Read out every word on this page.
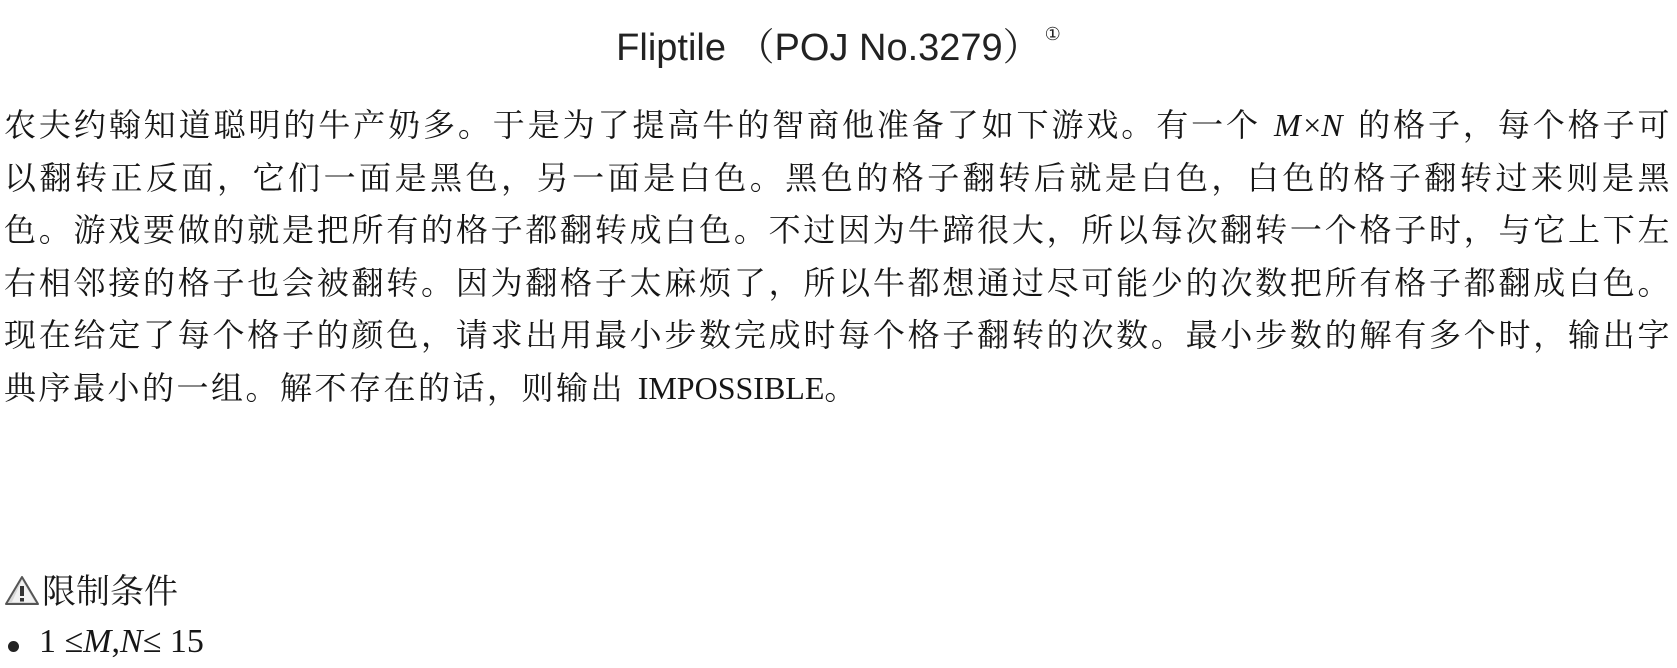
Fliptile （POJ No.3279） ①
农夫约翰知道聪明的牛产奶多。于是为了提高牛的智商他准备了如下游戏。有一个 M×N 的格子，每个格子可以翻转正反面，它们一面是黑色，另一面是白色。黑色的格子翻转后就是白色，白色的格子翻转过来则是黑色。游戏要做的就是把所有的格子都翻转成白色。不过因为牛蹄很大，所以每次翻转一个格子时，与它上下左右相邻接的格子也会被翻转。因为翻格子太麻烦了，所以牛都想通过尽可能少的次数把所有格子都翻成白色。现在给定了每个格子的颜色，请求出用最小步数完成时每个格子翻转的次数。最小步数的解有多个时，输出字典序最小的一组。解不存在的话，则输出 IMPOSSIBLE。
限制条件
1 ≤ M , N ≤ 15
